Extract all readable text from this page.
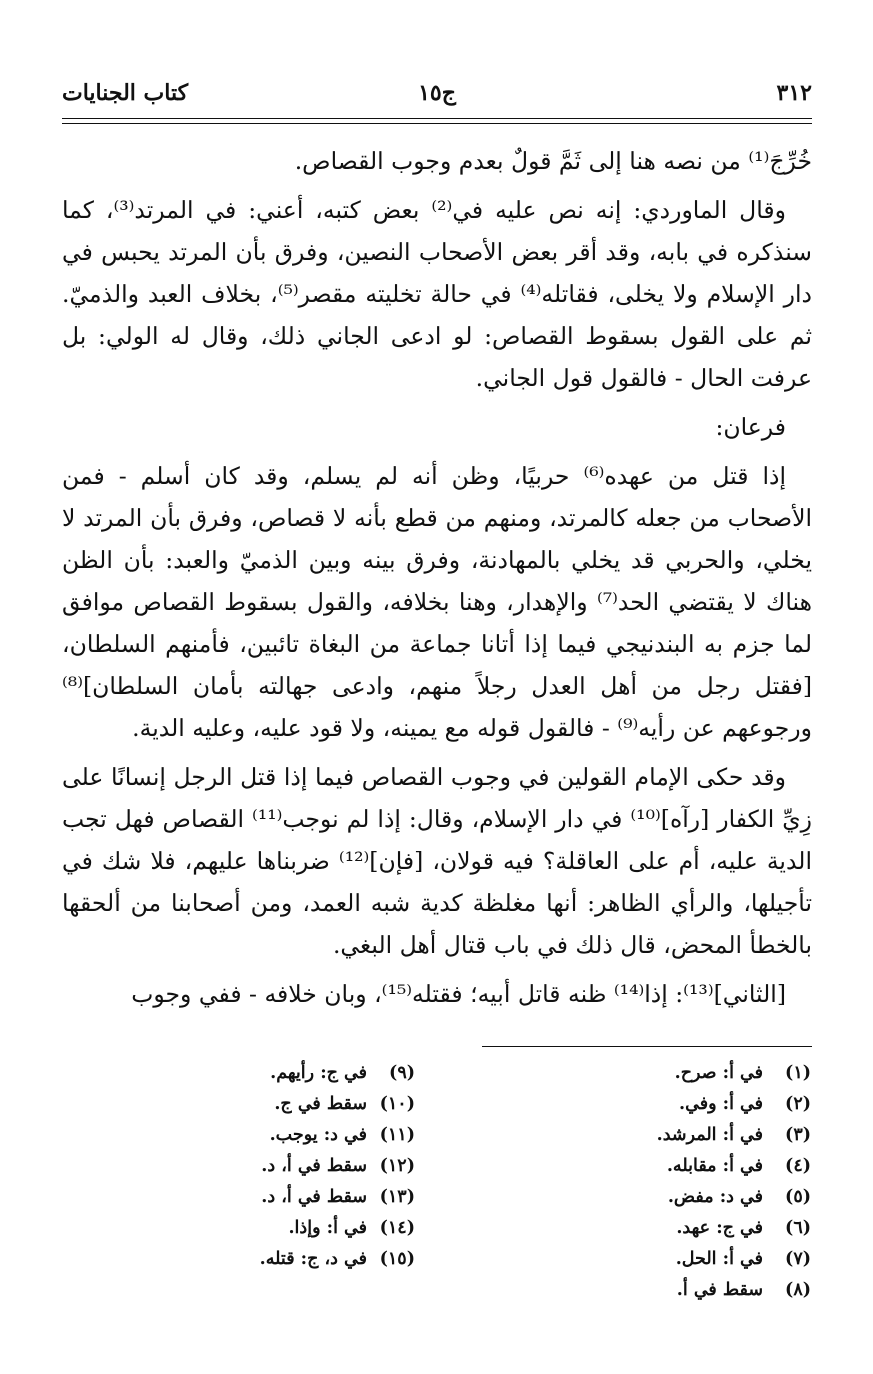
٣١٢
ج١٥
كتاب الجنايات

خُرِّجَ⁽¹⁾ من نصه هنا إلى ثَمَّ قولٌ بعدم وجوب القصاص.

وقال الماوردي: إنه نص عليه في⁽²⁾ بعض كتبه، أعني: في المرتد⁽³⁾، كما سنذكره في بابه، وقد أقر بعض الأصحاب النصين، وفرق بأن المرتد يحبس في دار الإسلام ولا يخلى، فقاتله⁽⁴⁾ في حالة تخليته مقصر⁽⁵⁾، بخلاف العبد والذميّ. ثم على القول بسقوط القصاص: لو ادعى الجاني ذلك، وقال له الولي: بل عرفت الحال - فالقول قول الجاني.

فرعان:

إذا قتل من عهده⁽⁶⁾ حربيًا، وظن أنه لم يسلم، وقد كان أسلم - فمن الأصحاب من جعله كالمرتد، ومنهم من قطع بأنه لا قصاص، وفرق بأن المرتد لا يخلي، والحربي قد يخلي بالمهادنة، وفرق بينه وبين الذميّ والعبد: بأن الظن هناك لا يقتضي الحد⁽⁷⁾ والإهدار، وهنا بخلافه، والقول بسقوط القصاص موافق لما جزم به البندنيجي فيما إذا أتانا جماعة من البغاة تائبين، فأمنهم السلطان، [فقتل رجل من أهل العدل رجلاً منهم، وادعى جهالته بأمان السلطان]⁽⁸⁾ ورجوعهم عن رأيه⁽⁹⁾ - فالقول قوله مع يمينه، ولا قود عليه، وعليه الدية.

وقد حكى الإمام القولين في وجوب القصاص فيما إذا قتل الرجل إنسانًا على زِيِّ الكفار [رآه]⁽¹⁰⁾ في دار الإسلام، وقال: إذا لم نوجب⁽¹¹⁾ القصاص فهل تجب الدية عليه، أم على العاقلة؟ فيه قولان، [فإن]⁽¹²⁾ ضربناها عليهم، فلا شك في تأجيلها، والرأي الظاهر: أنها مغلظة كدية شبه العمد، ومن أصحابنا من ألحقها بالخطأ المحض، قال ذلك في باب قتال أهل البغي.

[الثاني]⁽¹³⁾: إذا⁽¹⁴⁾ ظنه قاتل أبيه؛ فقتله⁽¹⁵⁾، وبان خلافه - ففي وجوب

(١)في أ: صرح.
(٢)في أ: وفي.
(٣)في أ: المرشد.
(٤)في أ: مقابله.
(٥)في د: مفض.
(٦)في ج: عهد.
(٧)في أ: الحل.
(٨)سقط في أ.
(٩)في ج: رأيهم.
(١٠)سقط في ج.
(١١)في د: يوجب.
(١٢)سقط في أ، د.
(١٣)سقط في أ، د.
(١٤)في أ: وإذا.
(١٥)في د، ج: قتله.
